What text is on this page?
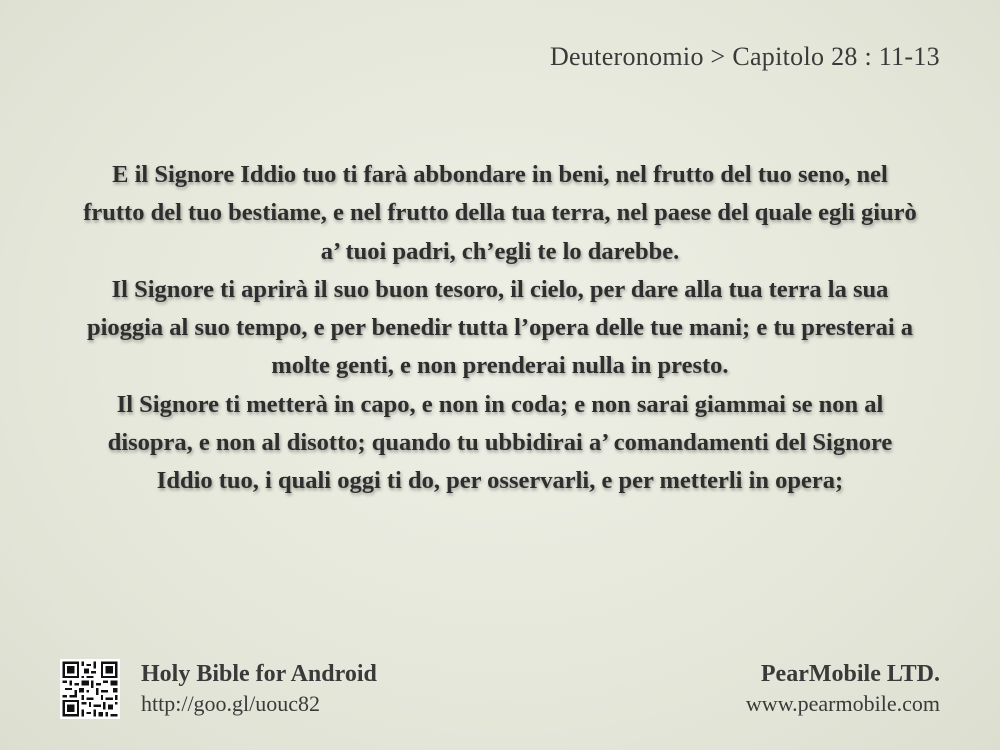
Deuteronomio > Capitolo 28 : 11-13

E il Signore Iddio tuo ti farà abbondare in beni, nel frutto del tuo seno, nel frutto del tuo bestiame, e nel frutto della tua terra, nel paese del quale egli giurò a’ tuoi padri, ch’egli te lo darebbe.

Il Signore ti aprirà il suo buon tesoro, il cielo, per dare alla tua terra la sua pioggia al suo tempo, e per benedir tutta l’opera delle tue mani; e tu presterai a molte genti, e non prenderai nulla in presto.

Il Signore ti metterà in capo, e non in coda; e non sarai giammai se non al disopra, e non al disotto; quando tu ubbidirai a’ comandamenti del Signore Iddio tuo, i quali oggi ti do, per osservarli, e per metterli in opera;

Holy Bible for Android
http://goo.gl/uouc82
PearMobile LTD.
www.pearmobile.com
